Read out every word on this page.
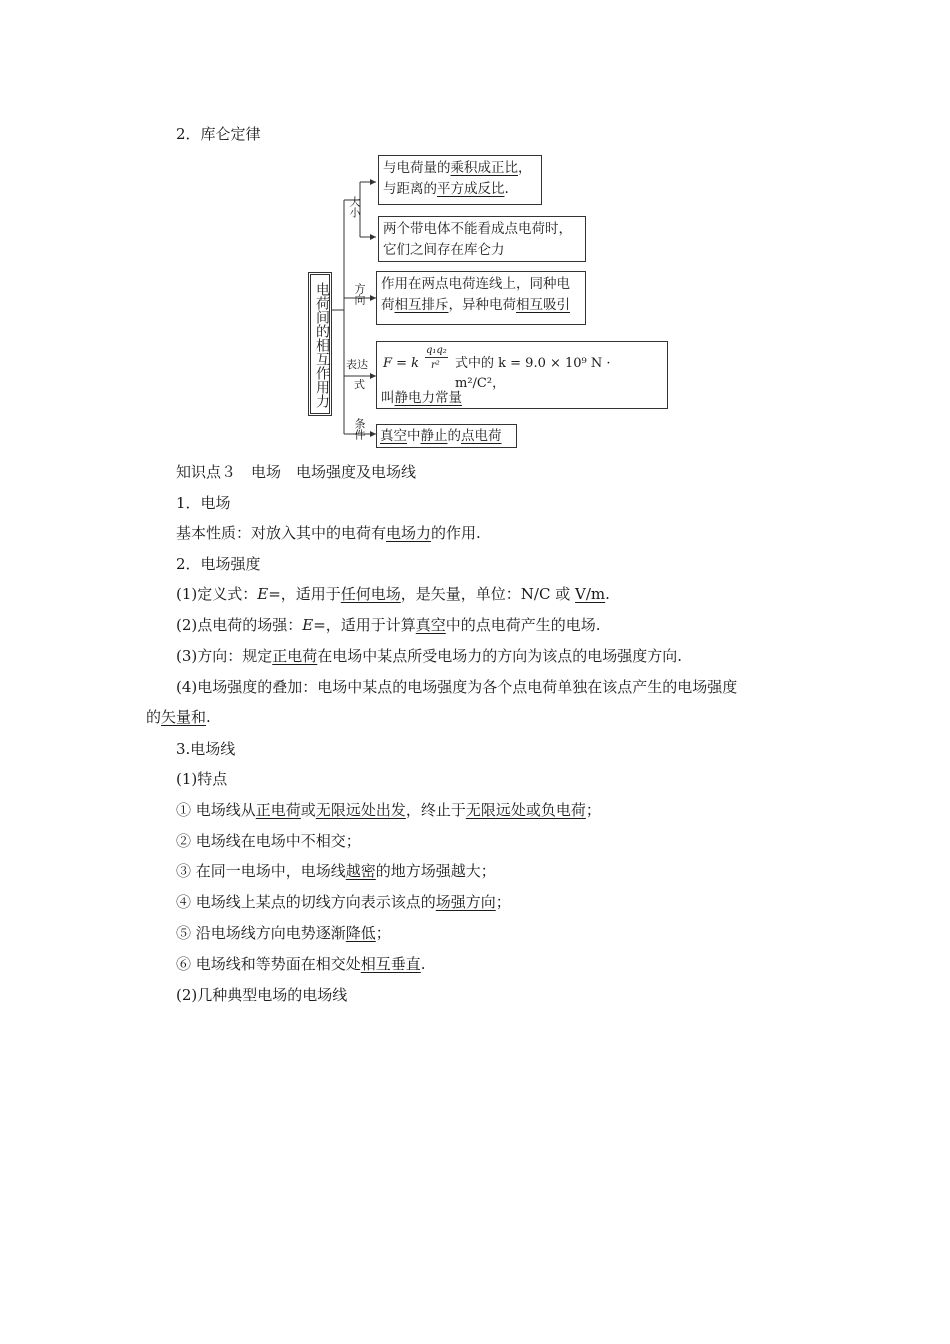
2．库仑定律
电荷间的相互作用力
大小
方向
表达
式
条件
与电荷量的乘积成正比，
与距离的平方成反比.
两个带电体不能看成点电荷时，
它们之间存在库仑力
作用在两点电荷连线上，同种电
荷相互排斥，异种电荷相互吸引
F = k
q₁q₂
r² 式中的 k = 9.0 × 10⁹ N · m²/C²，
叫静电力常量
真空中静止的点电荷
知识点３　电场　电场强度及电场线
1．电场
基本性质：对放入其中的电荷有电场力的作用.
2．电场强度
(1)定义式：E=，适用于任何电场，是矢量，单位：N/C 或 V/m.
(2)点电荷的场强：E=，适用于计算真空中的点电荷产生的电场.
(3)方向：规定正电荷在电场中某点所受电场力的方向为该点的电场强度方向.
(4)电场强度的叠加：电场中某点的电场强度为各个点电荷单独在该点产生的电场强度
的矢量和.
3.电场线
(1)特点
① 电场线从正电荷或无限远处出发，终止于无限远处或负电荷；
② 电场线在电场中不相交；
③ 在同一电场中，电场线越密的地方场强越大；
④ 电场线上某点的切线方向表示该点的场强方向；
⑤ 沿电场线方向电势逐渐降低；
⑥ 电场线和等势面在相交处相互垂直.
(2)几种典型电场的电场线
